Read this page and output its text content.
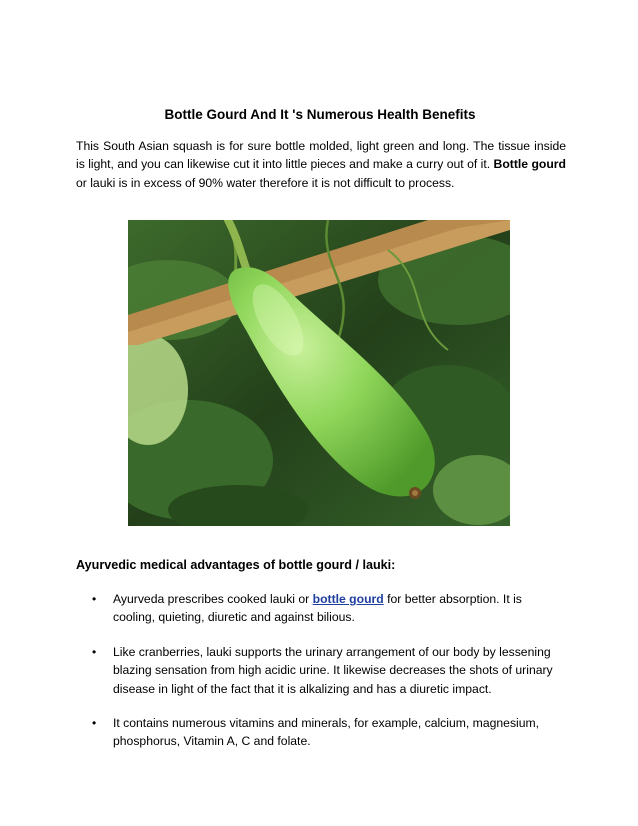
Bottle Gourd And It 's Numerous Health Benefits
This South Asian squash is for sure bottle molded, light green and long. The tissue inside is light, and you can likewise cut it into little pieces and make a curry out of it. Bottle gourd or lauki is in excess of 90% water therefore it is not difficult to process.
Ayurvedic medical advantages of bottle gourd / lauki:
• Ayurveda prescribes cooked lauki or bottle gourd for better absorption. It is cooling, quieting, diuretic and against bilious.
• Like cranberries, lauki supports the urinary arrangement of our body by lessening blazing sensation from high acidic urine. It likewise decreases the shots of urinary disease in light of the fact that it is alkalizing and has a diuretic impact.
• It contains numerous vitamins and minerals, for example, calcium, magnesium, phosphorus, Vitamin A, C and folate.
